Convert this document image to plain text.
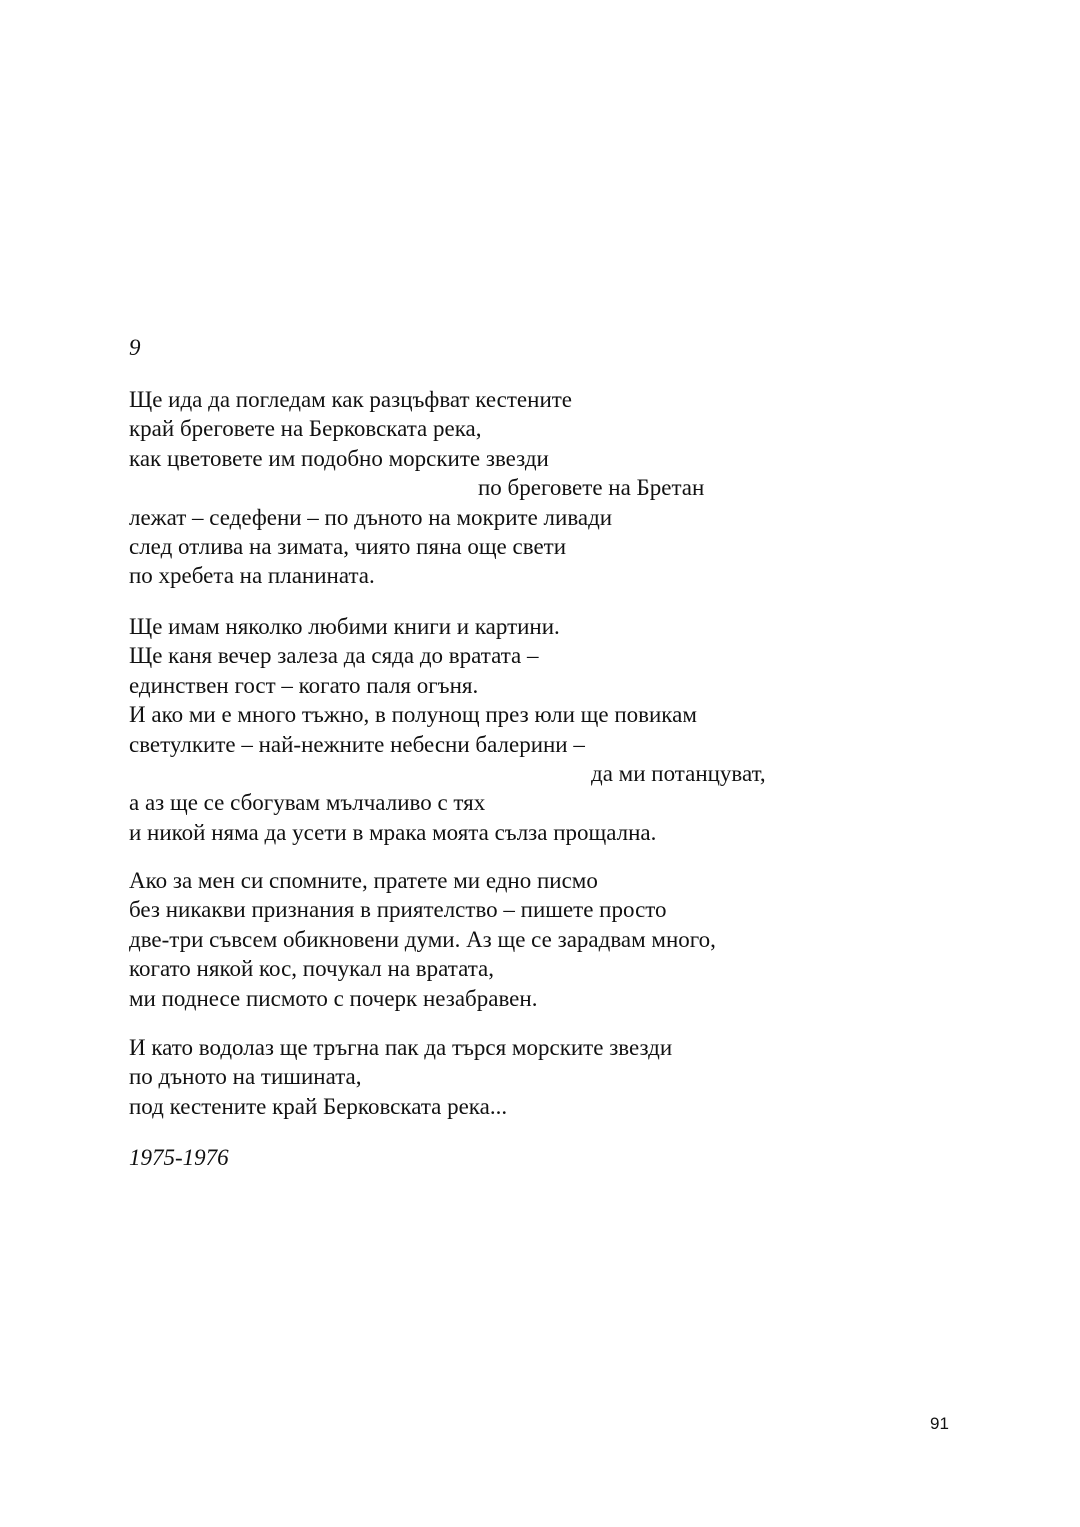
9

Ще ида да погледам как разцъфват кестените
край бреговете на Берковската река,
как цветовете им подобно морските звезди
по бреговете на Бретан
лежат – седефени – по дъното на мокрите ливади
след отлива на зимата, чиято пяна още свети
по хребета на планината.
Ще имам няколко любими книги и картини.
Ще каня вечер залеза да сядa до вратата –
единствен гост – когато паля огъня.
И ако ми е много тъжно, в полунощ през юли ще повикам
светулките – най-нежните небесни балерини –
да ми потанцуват,
а аз ще се сбогувам мълчаливо с тях
и никой няма да усети в мрака моята сълза прощална.
Ако за мен си спомните, пратете ми едно писмо
без никакви признания в приятелство – пишете просто
две-три съвсем обикновени думи. Аз ще се зарадвам много,
когато някой кос, почукал на вратата,
ми поднесе писмото с почерк незабравен.
И като водолаз ще тръгна пак да търся морските звезди
по дъното на тишината,
под кестените край Берковската река...

1975-1976

91
